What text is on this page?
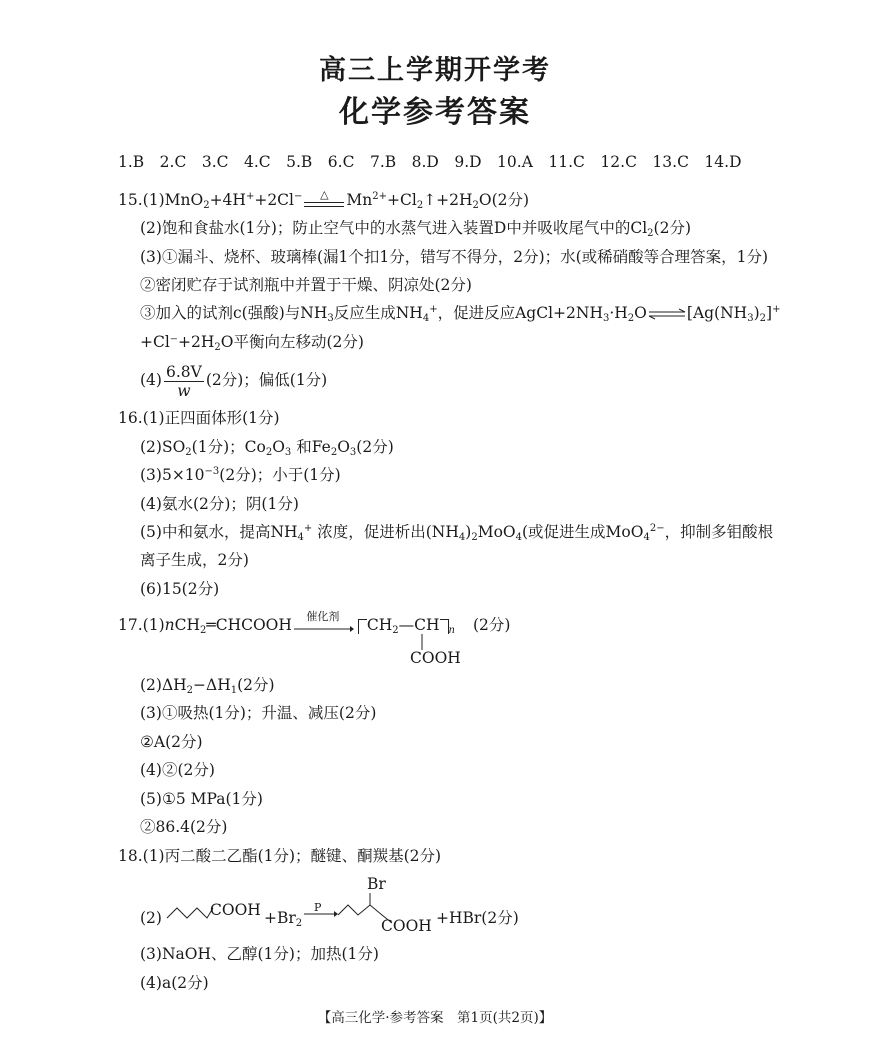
高三上学期开学考
化学参考答案
1.B　2.C　3.C　4.C　5.B　6.C　7.B　8.D　9.D　10.A　11.C　12.C　13.C　14.D
15.(1)MnO$_2$+4H++2Cl−	△	$Mn^{2+}+Cl_2↑+2H_2O(2$分)
(2)饱和食盐水(1分)；防止空气中的水蒸气进入装置D中并吸收尾气中的$Cl_2(2$分)
(3)①漏斗、烧杯、玻璃棒(漏1个扣1分，错写不得分，2分)；水(或稀硝酸等合理答案，1分)
②密闭贮存于试剂瓶中并置于干燥、阴凉处(2分)
③加入的试剂c(强酸)与$NH_3$反应生成$NH_4^+$，促进反应$AgCl+2NH_3\cdot H_2O\rightleftharpoons[Ag(NH_3)_2]^+$
$+Cl^-+2H_2O$平衡向左移动(2分)
$(4) \frac{6.8V}{w} (2$分)；偏低(1分)
16.(1)正四面体形(1分)
$(2)SO_2(1$分)；$Co_2O_3$ 和$Fe_2O_3(2$分)
$(3)5\times 10^{-3}(2$分)；小于(1分)
(4)氨水(2分)；阴(1分)
(5)中和氨水，提高$NH_4^+$ 浓度，促进析出$(NH_4)_2MoO_4$(或促进生成MoO$_4^{2-}$，抑制多钼酸根
离子生成，2分)
(6)15(2分)
17.(1)nCH$_2$═CHCOOH	催化剂	$CH_2—CH$ $_n$ (2分)
COOH
$(2)\Delta H_2-\Delta H_1(2$分)
(3)①吸热(1分)；升温、减压(2分)
②A(2分)
(4)②(2分)
(5)①5 MPa(1分)
②86.4(2分)
18.(1)丙二酸二乙酯(1分)；醚键、酮羰基(2分)
(2)	COOH $+Br_2$
P
Br
COOH +HBr(2分)
(3)NaOH、乙醇(1分)；加热(1分)
(4)a(2分)
【高三化学·参考答案　第1页(共2页)】
